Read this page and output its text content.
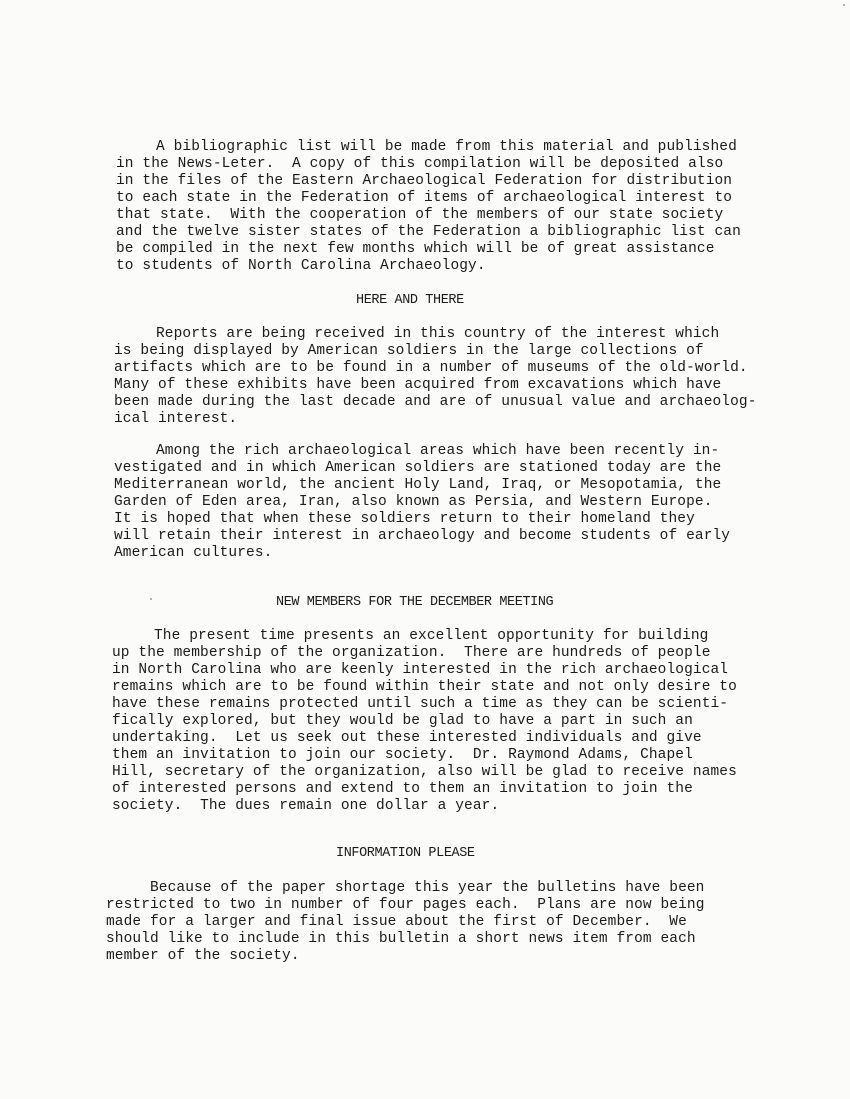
A bibliographic list will be made from this material and published
in the News-Leter.  A copy of this compilation will be deposited also
in the files of the Eastern Archaeological Federation for distribution
to each state in the Federation of items of archaeological interest to
that state.  With the cooperation of the members of our state society
and the twelve sister states of the Federation a bibliographic list can
be compiled in the next few months which will be of great assistance
to students of North Carolina Archaeology.
HERE AND THERE
Reports are being received in this country of the interest which
is being displayed by American soldiers in the large collections of
artifacts which are to be found in a number of museums of the old-world.
Many of these exhibits have been acquired from excavations which have
been made during the last decade and are of unusual value and archaeolog-
ical interest.
Among the rich archaeological areas which have been recently in-
vestigated and in which American soldiers are stationed today are the
Mediterranean world, the ancient Holy Land, Iraq, or Mesopotamia, the
Garden of Eden area, Iran, also known as Persia, and Western Europe.
It is hoped that when these soldiers return to their homeland they
will retain their interest in archaeology and become students of early
American cultures.
NEW MEMBERS FOR THE DECEMBER MEETING
The present time presents an excellent opportunity for building
up the membership of the organization.  There are hundreds of people
in North Carolina who are keenly interested in the rich archaeological
remains which are to be found within their state and not only desire to
have these remains protected until such a time as they can be scienti-
fically explored, but they would be glad to have a part in such an
undertaking.  Let us seek out these interested individuals and give
them an invitation to join our society.  Dr. Raymond Adams, Chapel
Hill, secretary of the organization, also will be glad to receive names
of interested persons and extend to them an invitation to join the
society.  The dues remain one dollar a year.
INFORMATION PLEASE
Because of the paper shortage this year the bulletins have been
restricted to two in number of four pages each.  Plans are now being
made for a larger and final issue about the first of December.  We
should like to include in this bulletin a short news item from each
member of the society.
